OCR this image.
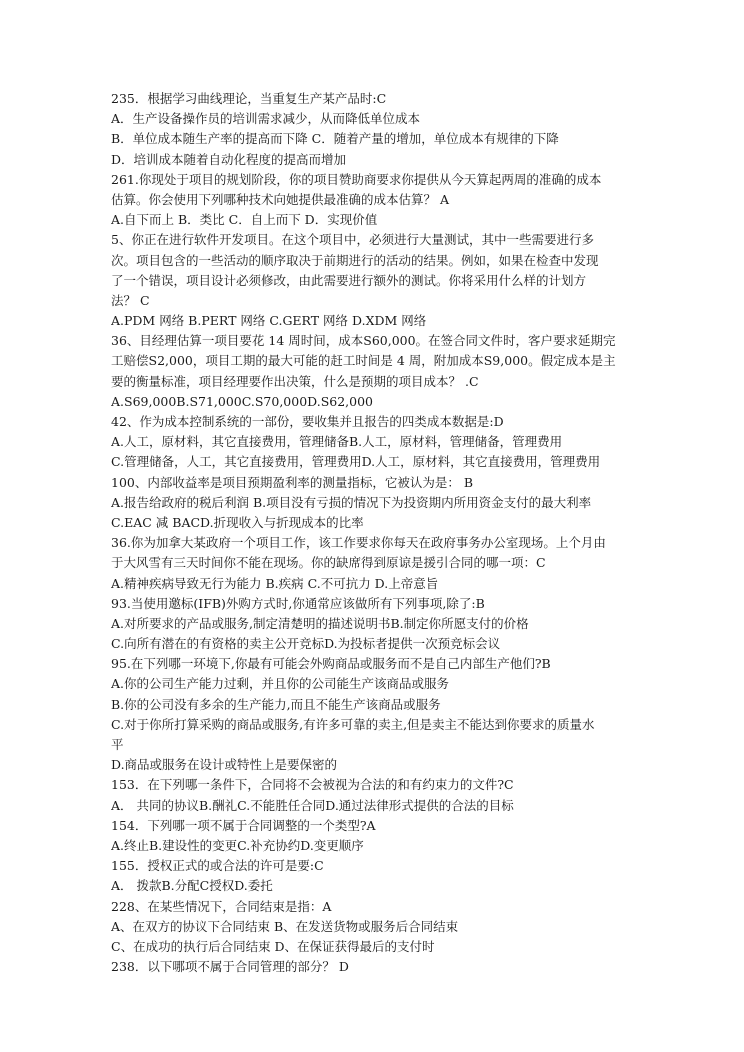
235．根据学习曲线理论，当重复生产某产品时:C
A．生产设备操作员的培训需求减少，从而降低单位成本
B．单位成本随生产率的提高而下降 C．随着产量的增加，单位成本有规律的下降
D．培训成本随着自动化程度的提高而增加
261.你现处于项目的规划阶段，你的项目赞助商要求你提供从今天算起两周的准确的成本
估算。你会使用下列哪种技术向她提供最准确的成本估算？ A
A.自下而上 B．类比 C．自上而下 D．实现价值
5、你正在进行软件开发项目。在这个项目中，必须进行大量测试，其中一些需要进行多
次。项目包含的一些活动的顺序取决于前期进行的活动的结果。例如，如果在检查中发现
了一个错误，项目设计必须修改，由此需要进行额外的测试。你将采用什么样的计划方
法？ C
A.PDM 网络 B.PERT 网络 C.GERT 网络 D.XDM 网络
36、目经理估算一项目要花 14 周时间，成本S60,000。在签合同文件时，客户要求延期完
工赔偿S2,000，项目工期的最大可能的赶工时间是 4 周，附加成本S9,000。假定成本是主
要的衡量标准，项目经理要作出决策，什么是预期的项目成本？ .C
A.S69,000B.S71,000C.S70,000D.S62,000
42、作为成本控制系统的一部份，要收集并且报告的四类成本数据是:D
A.人工，原材料，其它直接费用，管理储备B.人工，原材料，管理储备，管理费用
C.管理储备，人工，其它直接费用，管理费用D.人工，原材料，其它直接费用，管理费用
100、内部收益率是项目预期盈利率的测量指标，它被认为是： B
A.报告给政府的税后利润 B.项目没有亏损的情况下为投资期内所用资金支付的最大利率
C.EAC 减 BACD.折现收入与折现成本的比率
36.你为加拿大某政府一个项目工作，该工作要求你每天在政府事务办公室现场。上个月由
于大风雪有三天时间你不能在现场。你的缺席得到原谅是援引合同的哪一项：C
A.精神疾病导致无行为能力 B.疾病 C.不可抗力 D.上帝意旨
93.当使用邀标(IFB)外购方式时,你通常应该做所有下列事项,除了:B
A.对所要求的产品或服务,制定清楚明的描述说明书B.制定你所愿支付的价格
C.向所有潜在的有资格的卖主公开竞标D.为投标者提供一次预竞标会议
95.在下列哪一环境下,你最有可能会外购商品或服务而不是自己内部生产他们?B
A.你的公司生产能力过剩，并且你的公司能生产该商品或服务
B.你的公司没有多余的生产能力,而且不能生产该商品或服务
C.对于你所打算采购的商品或服务,有许多可靠的卖主,但是卖主不能达到你要求的质量水
平
D.商品或服务在设计或特性上是要保密的
153．在下列哪一条件下，合同将不会被视为合法的和有约束力的文件?C
A． 共同的协议B.酬礼C.不能胜任合同D.通过法律形式提供的合法的目标
154．下列哪一项不属于合同调整的一个类型?A
A.终止B.建设性的变更C.补充协约D.变更顺序
155．授权正式的或合法的许可是要:C
A． 拨款B.分配C授权D.委托
228、在某些情况下，合同结束是指：A
A、在双方的协议下合同结束 B、在发送货物或服务后合同结束
C、在成功的执行后合同结束 D、在保证获得最后的支付时
238．以下哪项不属于合同管理的部分？ D
